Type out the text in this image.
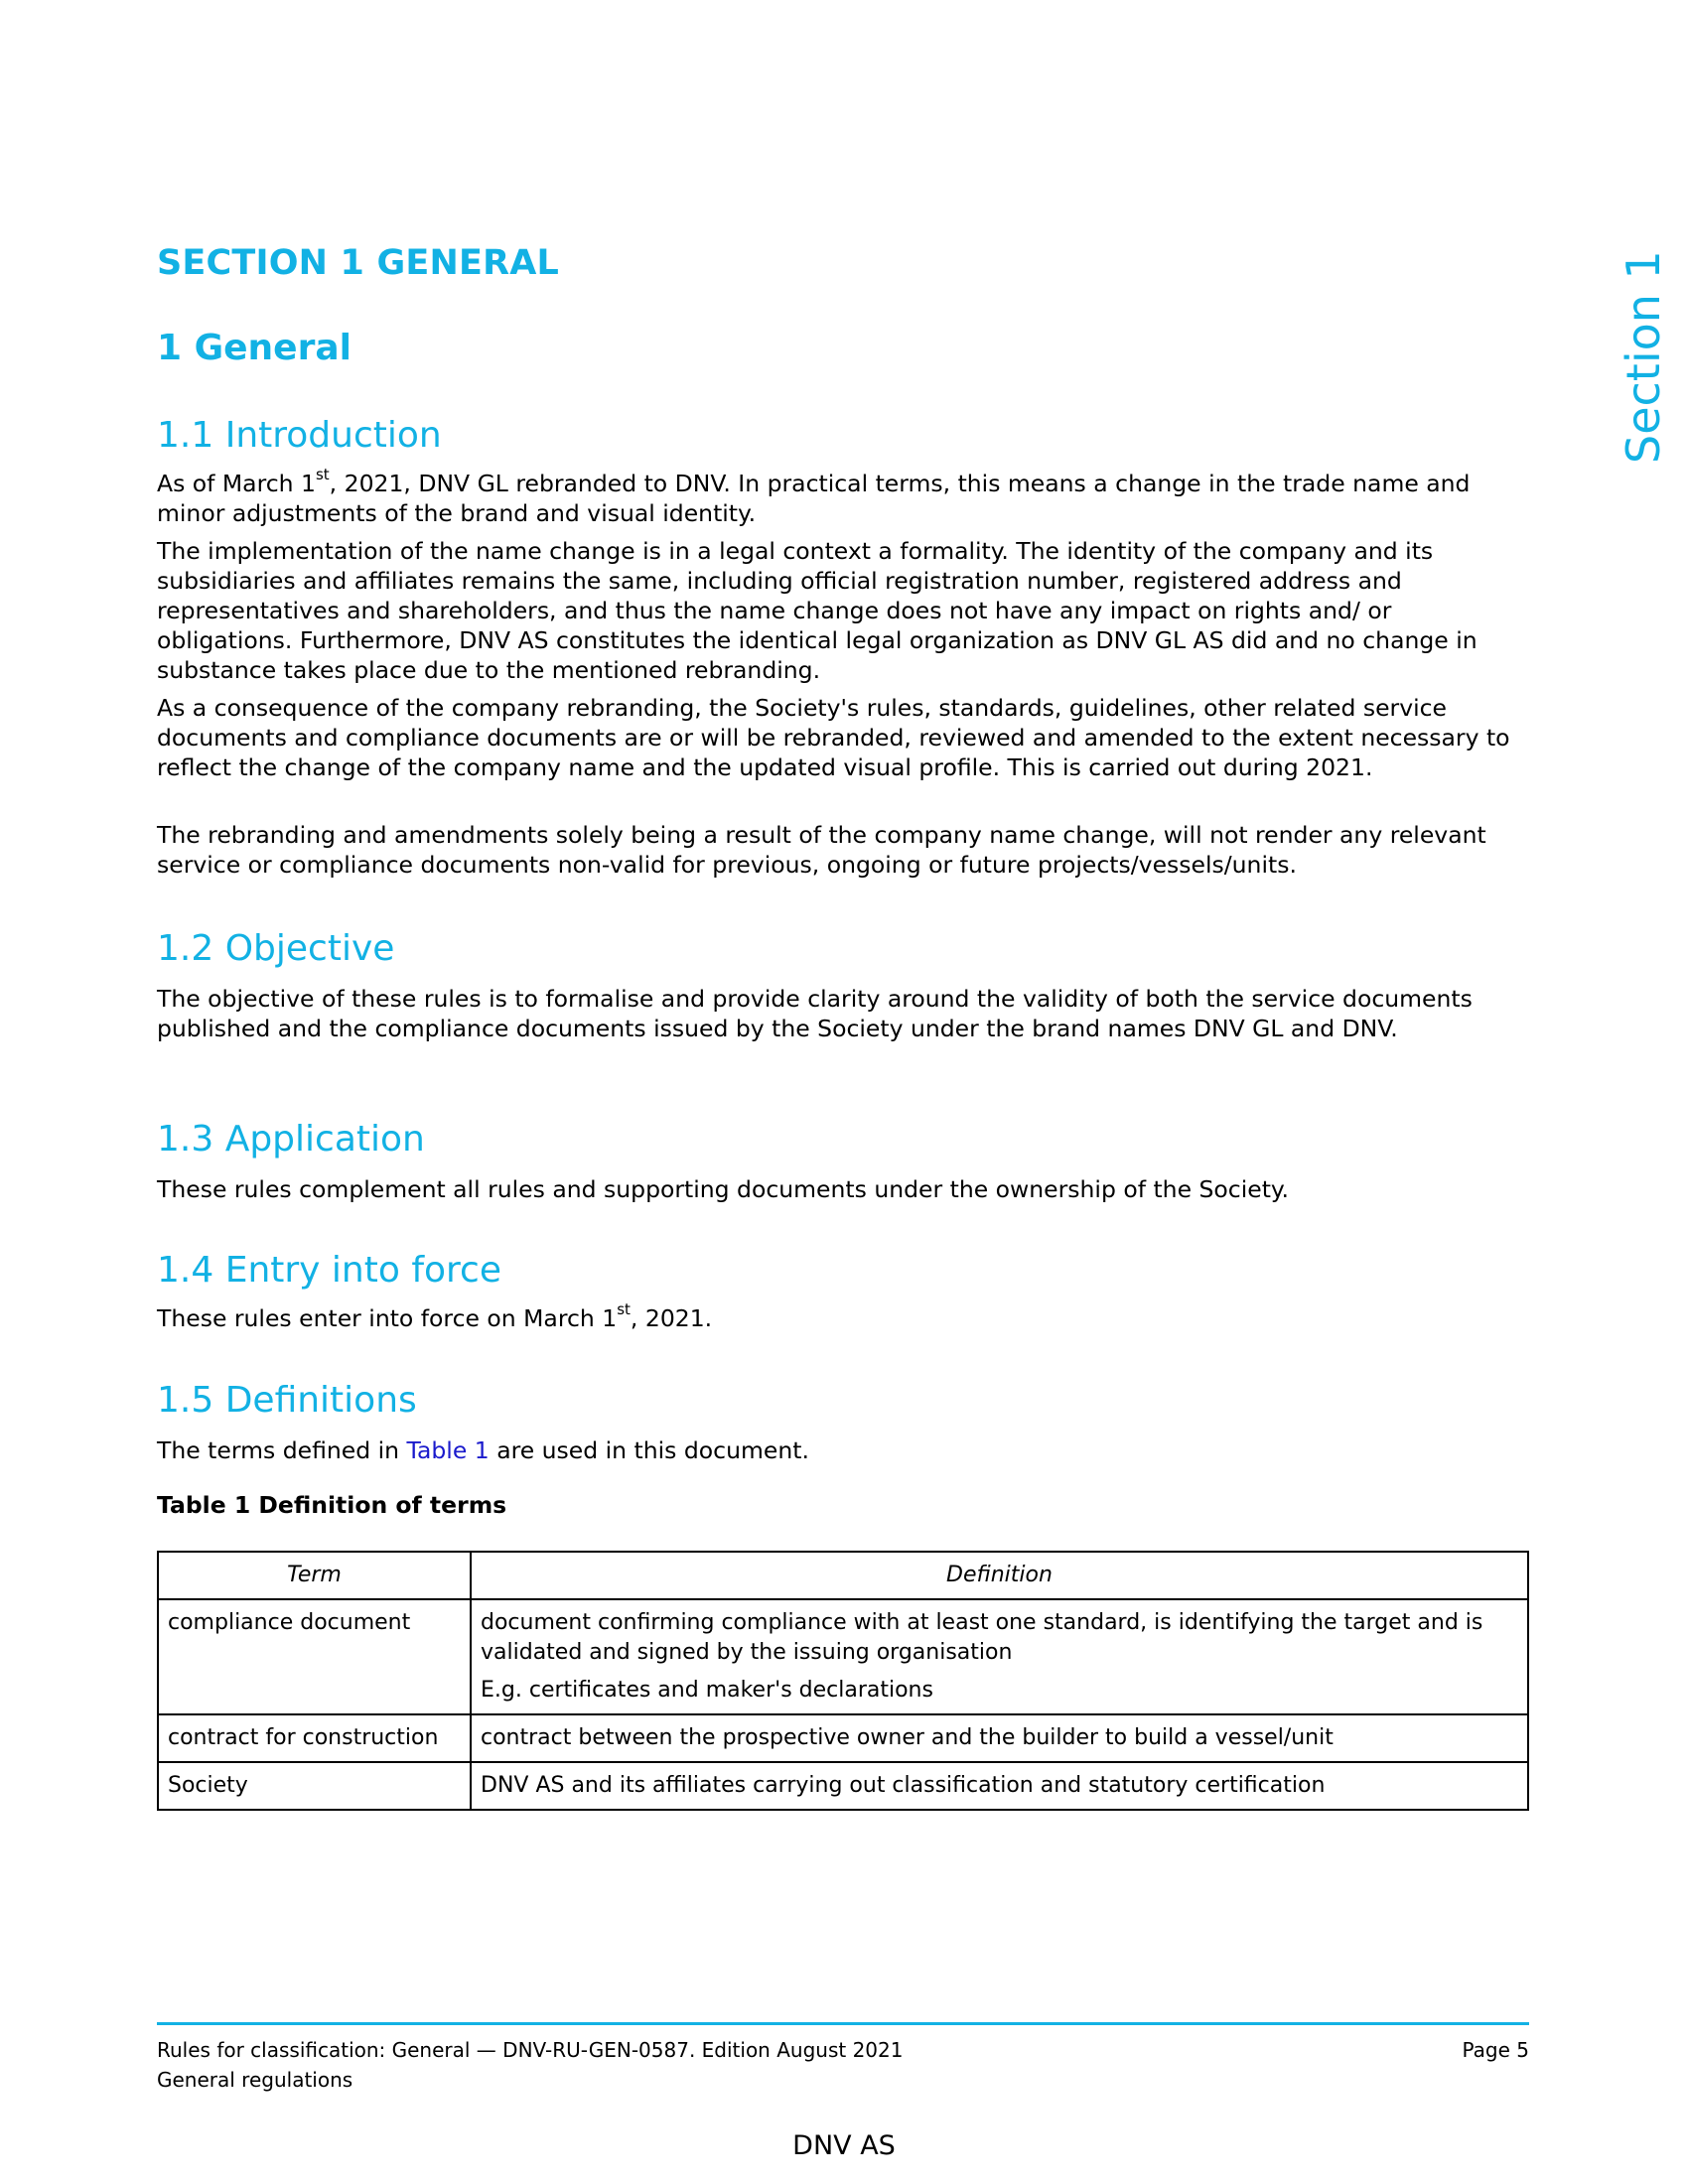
Section 1
SECTION 1 GENERAL
1 General
1.1 Introduction

As of March 1st, 2021, DNV GL rebranded to DNV. In practical terms, this means a change in the trade name and minor adjustments of the brand and visual identity.

The implementation of the name change is in a legal context a formality. The identity of the company and its subsidiaries and affiliates remains the same, including official registration number, registered address and representatives and shareholders, and thus the name change does not have any impact on rights and/ or obligations. Furthermore, DNV AS constitutes the identical legal organization as DNV GL AS did and no change in substance takes place due to the mentioned rebranding.

As a consequence of the company rebranding, the Society's rules, standards, guidelines, other related service documents and compliance documents are or will be rebranded, reviewed and amended to the extent necessary to reflect the change of the company name and the updated visual profile. This is carried out during 2021.

The rebranding and amendments solely being a result of the company name change, will not render any relevant service or compliance documents non-valid for previous, ongoing or future projects/vessels/units.

1.2 Objective

The objective of these rules is to formalise and provide clarity around the validity of both the service documents published and the compliance documents issued by the Society under the brand names DNV GL and DNV.

1.3 Application

These rules complement all rules and supporting documents under the ownership of the Society.

1.4 Entry into force

These rules enter into force on March 1st, 2021.

1.5 Definitions

The terms defined in Table 1 are used in this document.

Table 1 Definition of terms

Term	Definition
compliance document	document confirming compliance with at least one standard, is identifying the target and is validated and signed by the issuing organisation
E.g. certificates and maker's declarations

contract for construction	contract between the prospective owner and the builder to build a vessel/unit
Society	DNV AS and its affiliates carrying out classification and statutory certification
Rules for classification: General — DNV-RU-GEN-0587. Edition August 2021
General regulations
Page 5
DNV AS
